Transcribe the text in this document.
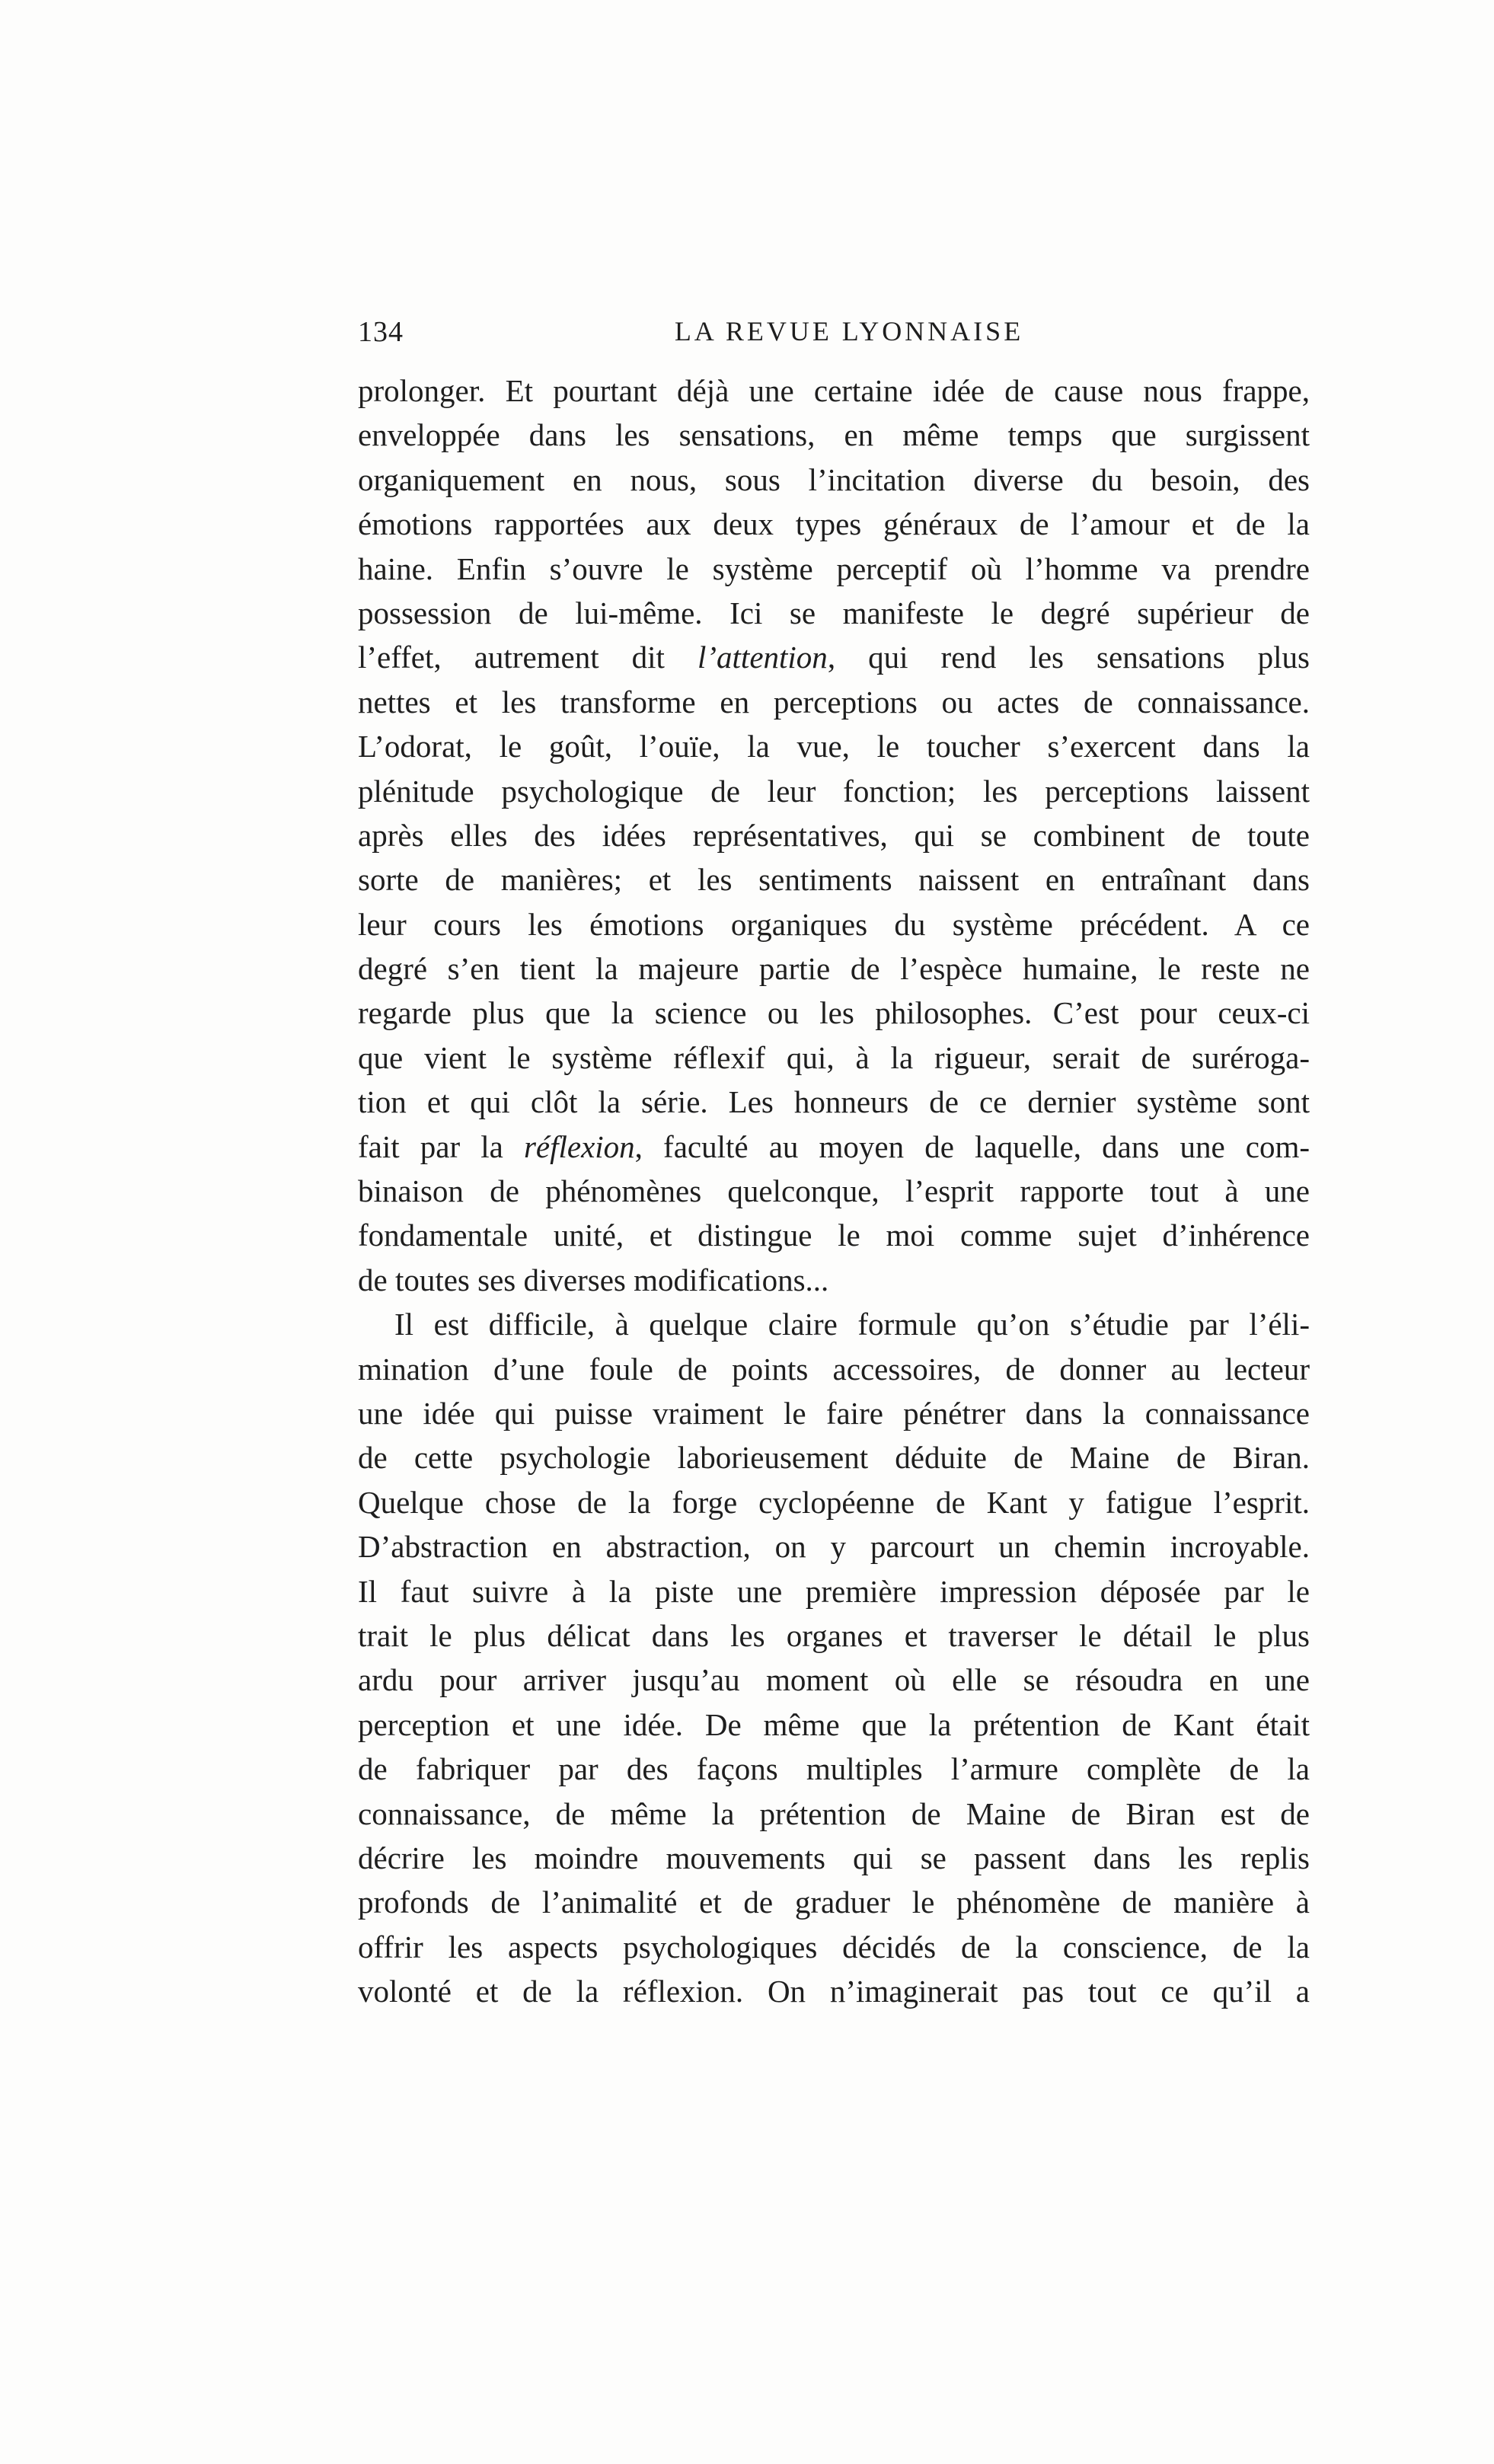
134	LA REVUE LYONNAISE
prolonger. Et pourtant déjà une certaine idée de cause nous frappe,
enveloppée dans les sensations, en même temps que surgissent
organiquement en nous, sous l’incitation diverse du besoin, des
émotions rapportées aux deux types généraux de l’amour et de la
haine. Enfin s’ouvre le système perceptif où l’homme va prendre
possession de lui-même. Ici se manifeste le degré supérieur de
l’effet, autrement dit l’attention, qui rend les sensations plus
nettes et les transforme en perceptions ou actes de connaissance.
L’odorat, le goût, l’ouïe, la vue, le toucher s’exercent dans la
plénitude psychologique de leur fonction; les perceptions laissent
après elles des idées représentatives, qui se combinent de toute
sorte de manières; et les sentiments naissent en entraînant dans
leur cours les émotions organiques du système précédent. A ce
degré s’en tient la majeure partie de l’espèce humaine, le reste ne
regarde plus que la science ou les philosophes. C’est pour ceux-ci
que vient le système réflexif qui, à la rigueur, serait de surérogа-
tion et qui clôt la série. Les honneurs de ce dernier système sont
fait par la réflexion, faculté au moyen de laquelle, dans une com-
binaison de phénomènes quelconque, l’esprit rapporte tout à une
fondamentale unité, et distingue le moi comme sujet d’inhérence
de toutes ses diverses modifications...
Il est difficile, à quelque claire formule qu’on s’étudie par l’éli-
mination d’une foule de points accessoires, de donner au lecteur
une idée qui puisse vraiment le faire pénétrer dans la connaissance
de cette psychologie laborieusement déduite de Maine de Biran.
Quelque chose de la forge cyclopéenne de Kant y fatigue l’esprit.
D’abstraction en abstraction, on y parcourt un chemin incroyable.
Il faut suivre à la piste une première impression déposée par le
trait le plus délicat dans les organes et traverser le détail le plus
ardu pour arriver jusqu’au moment où elle se résoudra en une
perception et une idée. De même que la prétention de Kant était
de fabriquer par des façons multiples l’armure complète de la
connaissance, de même la prétention de Maine de Biran est de
décrire les moindre mouvements qui se passent dans les replis
profonds de l’animalité et de graduer le phénomène de manière à
offrir les aspects psychologiques décidés de la conscience, de la
volonté et de la réflexion. On n’imaginerait pas tout ce qu’il a
